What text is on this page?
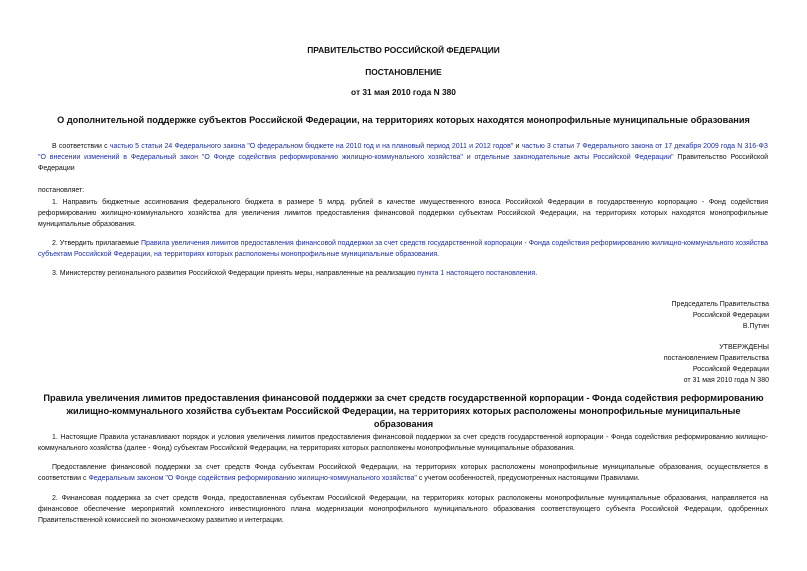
ПРАВИТЕЛЬСТВО РОССИЙСКОЙ ФЕДЕРАЦИИ
ПОСТАНОВЛЕНИЕ
от 31 мая 2010 года N 380
О дополнительной поддержке субъектов Российской Федерации, на территориях которых находятся монопрофильные муниципальные образования
В соответствии с частью 5 статьи 24 Федерального закона "О федеральном бюджете на 2010 год и на плановый период 2011 и 2012 годов" и частью 3 статьи 7 Федерального закона от 17 декабря 2009 года N 316-ФЗ "О внесении изменений в Федеральный закон "О Фонде содействия реформированию жилищно-коммунального хозяйства" и отдельные законодательные акты Российской Федерации" Правительство Российской Федерации
постановляет:
1. Направить бюджетные ассигнования федерального бюджета в размере 5 млрд. рублей в качестве имущественного взноса Российской Федерации в государственную корпорацию - Фонд содействия реформированию жилищно-коммунального хозяйства для увеличения лимитов предоставления финансовой поддержки субъектам Российской Федерации, на территориях которых находятся монопрофильные муниципальные образования.
2. Утвердить прилагаемые Правила увеличения лимитов предоставления финансовой поддержки за счет средств государственной корпорации - Фонда содействия реформированию жилищно-коммунального хозяйства субъектам Российской Федерации, на территориях которых расположены монопрофильные муниципальные образования.
3. Министерству регионального развития Российской Федерации принять меры, направленные на реализацию пункта 1 настоящего постановления.
Председатель Правительства
Российской Федерации
В.Путин
УТВЕРЖДЕНЫ
постановлением Правительства
Российской Федерации
от 31 мая 2010 года N 380
Правила увеличения лимитов предоставления финансовой поддержки за счет средств государственной корпорации - Фонда содействия реформированию жилищно-коммунального хозяйства субъектам Российской Федерации, на территориях которых расположены монопрофильные муниципальные образования
1. Настоящие Правила устанавливают порядок и условия увеличения лимитов предоставления финансовой поддержки за счет средств государственной корпорации - Фонда содействия реформированию жилищно-коммунального хозяйства (далее - Фонд) субъектам Российской Федерации, на территориях которых расположены монопрофильные муниципальные образования.
Предоставление финансовой поддержки за счет средств Фонда субъектам Российской Федерации, на территориях которых расположены монопрофильные муниципальные образования, осуществляется в соответствии с Федеральным законом "О Фонде содействия реформированию жилищно-коммунального хозяйства" с учетом особенностей, предусмотренных настоящими Правилами.
2. Финансовая поддержка за счет средств Фонда, предоставленная субъектам Российской Федерации, на территориях которых расположены монопрофильные муниципальные образования, направляется на финансовое обеспечение мероприятий комплексного инвестиционного плана модернизации монопрофильного муниципального образования соответствующего субъекта Российской Федерации, одобренных Правительственной комиссией по экономическому развитию и интеграции.
